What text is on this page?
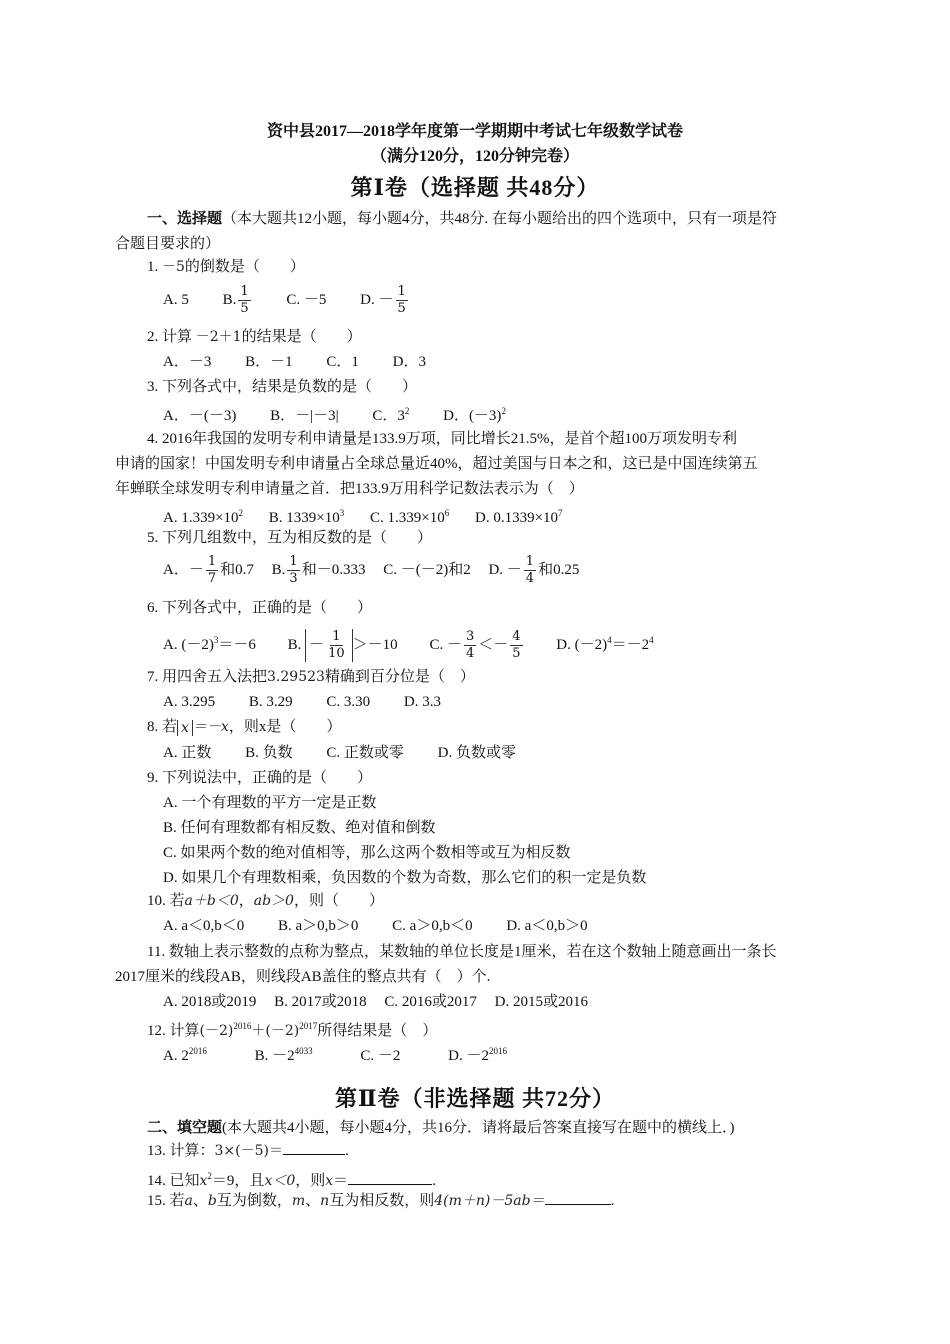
资中县2017—2018学年度第一学期期中考试七年级数学试卷
（满分120分，120分钟完卷）
第Ⅰ卷（选择题 共48分）
一、选择题（本大题共12小题，每小题4分，共48分. 在每小题给出的四个选项中，只有一项是符
合题目要求的）
1. －5的倒数是（　　）
A. 5 B. $\frac{1}{5} C$. －5 D. － $\frac{1}{5}$
2. 计算 －2＋1的结果是（　　）
A．－3 B．－1 C．1 D．3
3. 下列各式中，结果是负数的是（　　）
A．－(－3) B．－|－3| C．$3^2$ D．$(-3)^2$
4. 2016年我国的发明专利申请量是133.9万项，同比增长21.5%，是首个超100万项发明专利
申请的国家！中国发明专利申请量占全球总量近40%，超过美国与日本之和，这已是中国连续第五
年蝉联全球发明专利申请量之首．把133.9万用科学记数法表示为（　）
A. $1.339\times 10^2$ B. $1339\times 10^3$ C. $1.339\times 10^6$ D. $0.1339\times 10^7$
5. 下列几组数中，互为相反数的是（　　）
A．－ $\frac{1}{7}$ 和0.7 B. $\frac{1}{3}$ 和－0.333 C. －(－2)和2 D. － $\frac{1}{4}$ 和0.25
6. 下列各式中，正确的是（　　）
A. $(-2)^3=-6$ B. － $\frac{1}{10} >-10$ C. － $\frac{3}{4} <- \frac{4}{5} D$. $(-2)^4=-2^4$
7. 用四舍五入法把3.29523精确到百分位是（　）
A. 3.295 B. 3.29 C. 3.30 D. 3.3
8. 若 x ＝－x，则x是（　　）
A. 正数 B. 负数 C. 正数或零 D. 负数或零
9. 下列说法中，正确的是（　　）
A. 一个有理数的平方一定是正数
B. 任何有理数都有相反数、绝对值和倒数
C. 如果两个数的绝对值相等，那么这两个数相等或互为相反数
D. 如果几个有理数相乘，负因数的个数为奇数，那么它们的积一定是负数
10. 若a＋b＜0，ab＞0，则（　　）
A. a＜0,b＜0 B. a＞0,b＞0 C. a＞0,b＜0 D. a＜0,b＞0
11. 数轴上表示整数的点称为整点，某数轴的单位长度是1厘米，若在这个数轴上随意画出一条长
2017厘米的线段AB，则线段AB盖住的整点共有（　）个.
A. 2018或2019 B. 2017或2018 C. 2016或2017 D. 2015或2016
12. 计算$(-2)^{2016}+(-2)^{2017}$所得结果是（　）
A. $2^{2016}$	B. $-2^{4033}$	C. －2	D. $-2^{2016}$
第Ⅱ卷（非选择题 共72分）
二、填空题(本大题共4小题，每小题4分，共16分．请将最后答案直接写在题中的横线上．)
13. 计算：3×(－5)＝	.
14. 已知$x^2=9$，且x＜0，则x＝	.
15. 若a、b互为倒数，m、n互为相反数，则4(m＋n)－5ab＝	.
